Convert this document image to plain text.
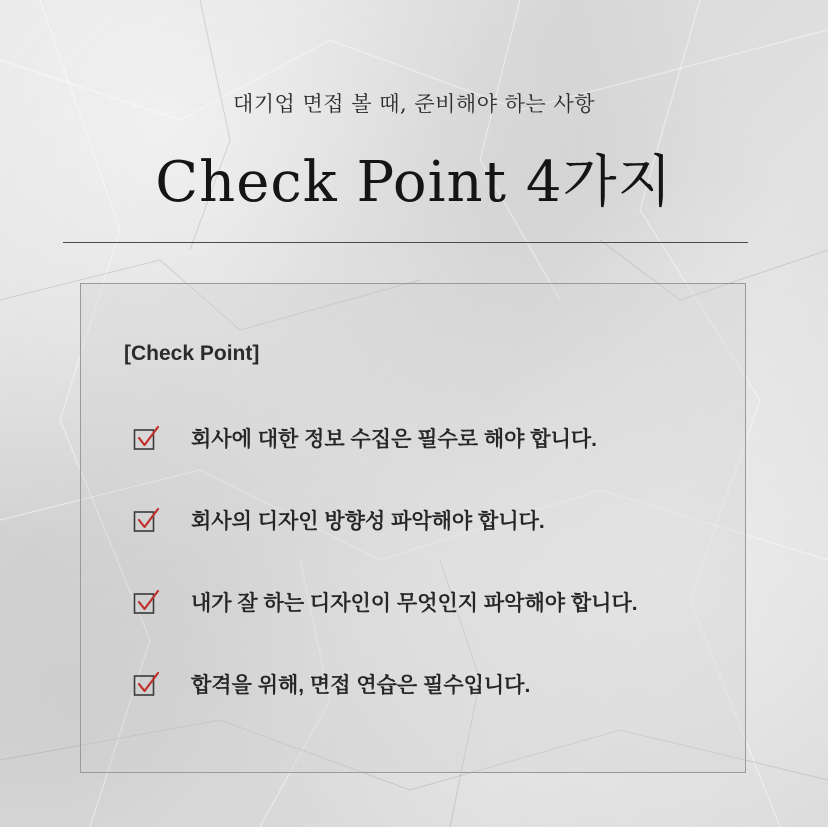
대기업 면접 볼 때, 준비해야 하는 사항
Check Point 4가지
[Check Point]
회사에 대한 정보 수집은 필수로 해야 합니다.
회사의 디자인 방향성 파악해야 합니다.
내가 잘 하는 디자인이 무엇인지 파악해야 합니다.
합격을 위해, 면접 연습은 필수입니다.
